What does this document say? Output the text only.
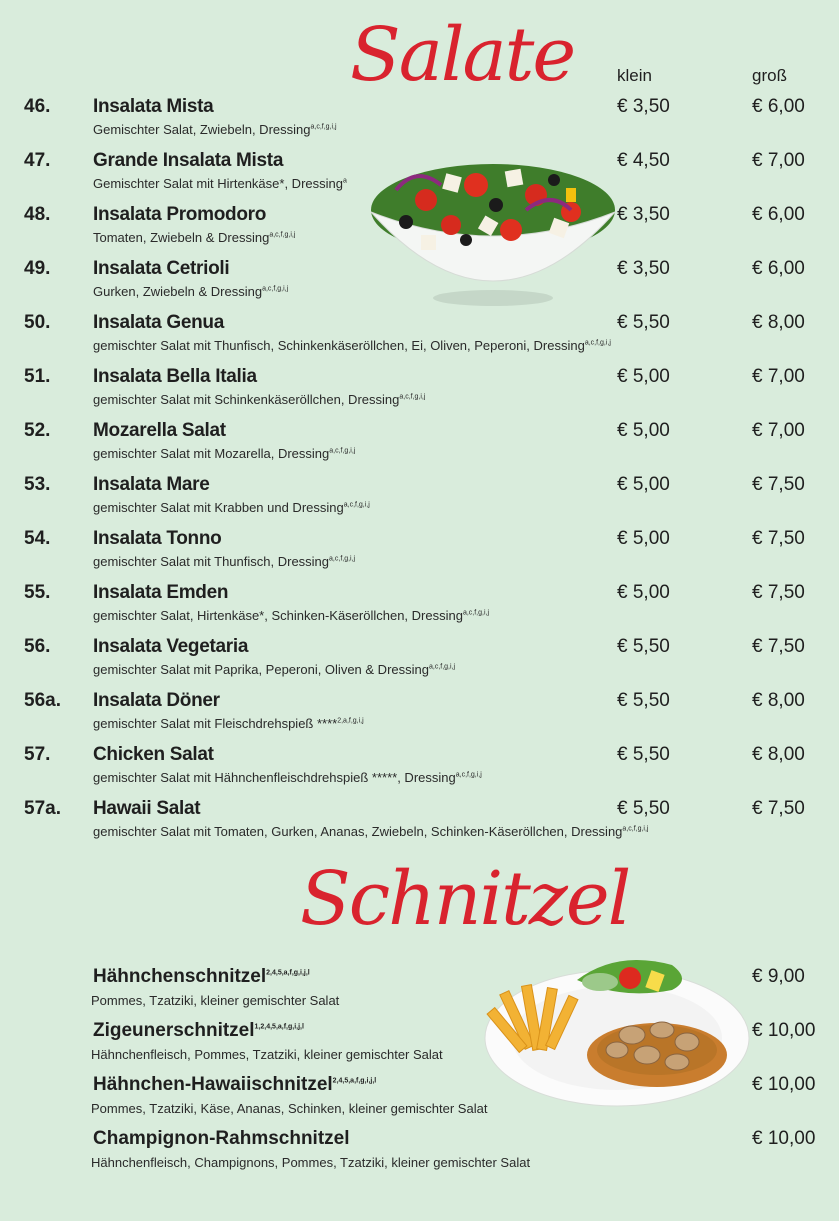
Salate	klein	groß
46. Insalata Mista
Gemischter Salat, Zwiebeln, Dressing$^{a,c,f,g,i,j}$
€ 3,50	€ 6,00
47. Grande Insalata Mista
Gemischter Salat mit Hirtenkäse*, Dressing$^a$
€ 4,50	€ 7,00
48. Insalata Promodoro
Tomaten, Zwiebeln & Dressing$^{a,c,f,g,i,j}$
€ 3,50	€ 6,00
49. Insalata Cetrioli
Gurken, Zwiebeln & Dressing$^{a,c,f,g,i,j}$
€ 3,50	€ 6,00
50. Insalata Genua
gemischter Salat mit Thunfisch, Schinkenkäseröllchen, Ei, Oliven, Peperoni, Dressing$^{a,c,f,g,i,j}$
€ 5,50	€ 8,00
51. Insalata Bella Italia
gemischter Salat mit Schinkenkäseröllchen, Dressing$^{a,c,f,g,i,j}$
€ 5,00	€ 7,00
52. Mozarella Salat
gemischter Salat mit Mozarella, Dressing$^{a,c,f,g,i,j}$
€ 5,00	€ 7,00
53. Insalata Mare
gemischter Salat mit Krabben und Dressing$^{a,c,f,g,i,j}$
€ 5,00	€ 7,50
54. Insalata Tonno
gemischter Salat mit Thunfisch, Dressing$^{a,c,f,g,i,j}$
€ 5,00	€ 7,50
55. Insalata Emden
gemischter Salat, Hirtenkäse*, Schinken-Käseröllchen, Dressing$^{a,c,f,g,i,j}$
€ 5,00	€ 7,50
56. Insalata Vegetaria
gemischter Salat mit Paprika, Peperoni, Oliven & Dressing$^{a,c,f,g,i,j}$
€ 5,50	€ 7,50
56a. Insalata Döner
gemischter Salat mit Fleischdrehspieß ****$^{2,a,f,g,i,j}$
€ 5,50	€ 8,00
57. Chicken Salat
gemischter Salat mit Hähnchenfleischdrehspieß *****, Dressing$^{a,c,f,g,i,j}$
€ 5,50	€ 8,00
57a. Hawaii Salat
gemischter Salat mit Tomaten, Gurken, Ananas, Zwiebeln, Schinken-Käseröllchen, Dressing$^{a,c,f,g,i,j}$
€ 5,50	€ 7,50
Schnitzel
Hähnchenschnitzel$^{2,4,5,a,f,g,i,j,l}$
Pommes, Tzatziki, kleiner gemischter Salat
€ 9,00
Zigeunerschnitzel$^{1,2,4,5,a,f,g,i,j,l}$
Hähnchenfleisch, Pommes, Tzatziki, kleiner gemischter Salat
€ 10,00
Hähnchen-Hawaiischnitzel$^{2,4,5,a,f,g,i,j,l}$
Pommes, Tzatziki, Käse, Ananas, Schinken, kleiner gemischter Salat
€ 10,00
Champignon-Rahmschnitzel
Hähnchenfleisch, Champignons, Pommes, Tzatziki, kleiner gemischter Salat
€ 10,00
